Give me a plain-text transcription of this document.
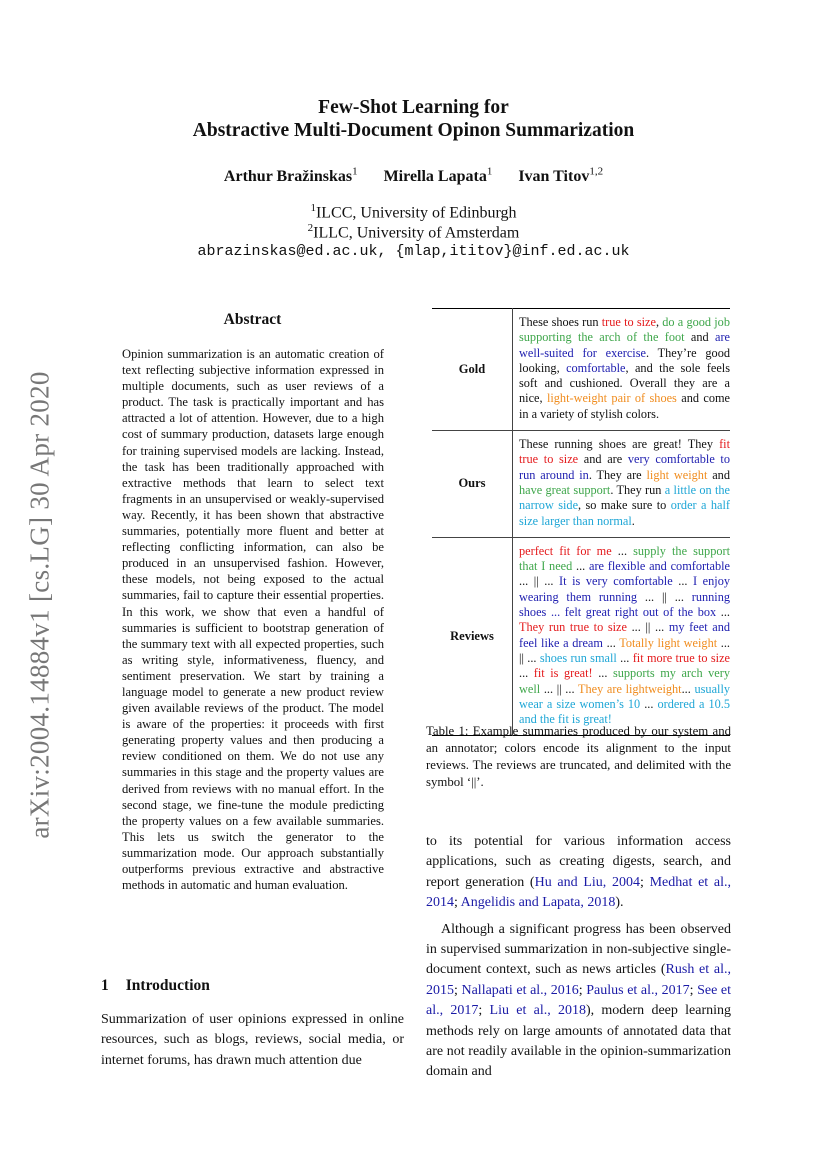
arXiv:2004.14884v1 [cs.LG] 30 Apr 2020
Few-Shot Learning for
Abstractive Multi-Document Opinon Summarization
Arthur Bražinskas$^1$ Mirella Lapata$^1$ Ivan Titov$^{1,2}$
$^1$ILCC, University of Edinburgh
$^2$ILLC, University of Amsterdam
abrazinskas@ed.ac.uk, {mlap,ititov}@inf.ed.ac.uk
Abstract
Opinion summarization is an automatic creation of text reflecting subjective information expressed in multiple documents, such as user reviews of a product. The task is practically important and has attracted a lot of attention. However, due to a high cost of summary production, datasets large enough for training supervised models are lacking. Instead, the task has been traditionally approached with extractive methods that learn to select text fragments in an unsupervised or weakly-supervised way. Recently, it has been shown that abstractive summaries, potentially more fluent and better at reflecting conflicting information, can also be produced in an unsupervised fashion. However, these models, not being exposed to the actual summaries, fail to capture their essential properties. In this work, we show that even a handful of summaries is sufficient to bootstrap generation of the summary text with all expected properties, such as writing style, informativeness, fluency, and sentiment preservation. We start by training a language model to generate a new product review given available reviews of the product. The model is aware of the properties: it proceeds with first generating property values and then producing a review conditioned on them. We do not use any summaries in this stage and the property values are derived from reviews with no manual effort. In the second stage, we fine-tune the module predicting the property values on a few available summaries. This lets us switch the generator to the summarization mode. Our approach substantially outperforms previous extractive and abstractive methods in automatic and human evaluation.
1 Introduction
Summarization of user opinions expressed in online resources, such as blogs, reviews, social media, or internet forums, has drawn much attention due
Gold	These shoes run true to size, do a good job supporting the arch of the foot and are well-suited for exercise. They’re good looking, comfortable, and the sole feels soft and cushioned. Overall they are a nice, light-weight pair of shoes and come in a variety of stylish colors.
Ours	These running shoes are great! They fit true to size and are very comfortable to run around in. They are light weight and have great support. They run a little on the narrow side, so make sure to order a half size larger than normal.
Reviews	perfect fit for me ... supply the support that I need ... are flexible and comfortable ... || ... It is very comfortable ... I enjoy wearing them running ... || ... running shoes ... felt great right out of the box ... They run true to size ... || ... my feet and feel like a dream ... Totally light weight ... || ... shoes run small ... fit more true to size ... fit is great! ... supports my arch very well ... || ... They are lightweight... usually wear a size women’s 10 ... ordered a 10.5 and the fit is great!
Table 1: Example summaries produced by our system and an annotator; colors encode its alignment to the input reviews. The reviews are truncated, and delimited with the symbol ‘||’.

to its potential for various information access applications, such as creating digests, search, and report generation (Hu and Liu, 2004; Medhat et al., 2014; Angelidis and Lapata, 2018).

Although a significant progress has been observed in supervised summarization in non-subjective single-document context, such as news articles (Rush et al., 2015; Nallapati et al., 2016; Paulus et al., 2017; See et al., 2017; Liu et al., 2018), modern deep learning methods rely on large amounts of annotated data that are not readily available in the opinion-summarization domain and
